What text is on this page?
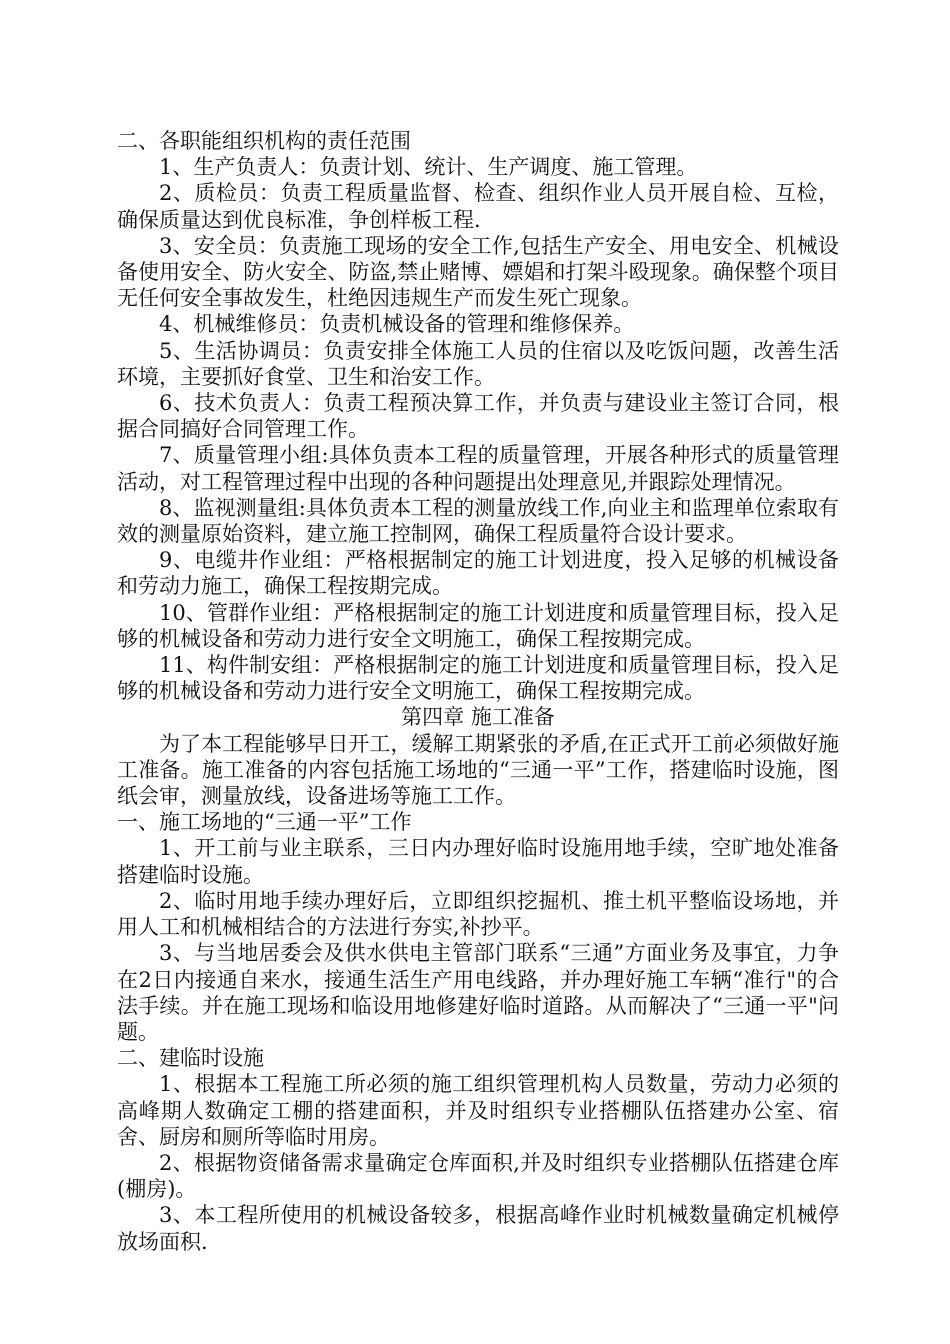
二、各职能组织机构的责任范围

1、生产负责人：负责计划、统计、生产调度、施工管理。

2、质检员：负责工程质量监督、检查、组织作业人员开展自检、互检，确保质量达到优良标准，争创样板工程.

3、安全员：负责施工现场的安全工作,包括生产安全、用电安全、机械设备使用安全、防火安全、防盗,禁止赌博、嫖娼和打架斗殴现象。确保整个项目无任何安全事故发生，杜绝因违规生产而发生死亡现象。

4、机械维修员：负责机械设备的管理和维修保养。

5、生活协调员：负责安排全体施工人员的住宿以及吃饭问题，改善生活环境，主要抓好食堂、卫生和治安工作。

6、技术负责人：负责工程预决算工作，并负责与建设业主签订合同，根据合同搞好合同管理工作。

7、质量管理小组:具体负责本工程的质量管理，开展各种形式的质量管理活动，对工程管理过程中出现的各种问题提出处理意见,并跟踪处理情况。

8、监视测量组:具体负责本工程的测量放线工作,向业主和监理单位索取有效的测量原始资料，建立施工控制网，确保工程质量符合设计要求。

9、电缆井作业组：严格根据制定的施工计划进度，投入足够的机械设备和劳动力施工，确保工程按期完成。

10、管群作业组：严格根据制定的施工计划进度和质量管理目标，投入足够的机械设备和劳动力进行安全文明施工，确保工程按期完成。

11、构件制安组：严格根据制定的施工计划进度和质量管理目标，投入足够的机械设备和劳动力进行安全文明施工，确保工程按期完成。

第四章 施工准备

为了本工程能够早日开工，缓解工期紧张的矛盾,在正式开工前必须做好施工准备。施工准备的内容包括施工场地的“三通一平”工作，搭建临时设施，图纸会审，测量放线，设备进场等施工工作。

一、施工场地的“三通一平”工作

1、开工前与业主联系，三日内办理好临时设施用地手续，空旷地处准备搭建临时设施。

2、临时用地手续办理好后，立即组织挖掘机、推土机平整临设场地，并用人工和机械相结合的方法进行夯实,补抄平。

3、与当地居委会及供水供电主管部门联系“三通”方面业务及事宜，力争在2日内接通自来水，接通生活生产用电线路，并办理好施工车辆“准行"的合法手续。并在施工现场和临设用地修建好临时道路。从而解决了“三通一平"问题。

二、建临时设施

1、根据本工程施工所必须的施工组织管理机构人员数量，劳动力必须的高峰期人数确定工棚的搭建面积，并及时组织专业搭棚队伍搭建办公室、宿舍、厨房和厕所等临时用房。

2、根据物资储备需求量确定仓库面积,并及时组织专业搭棚队伍搭建仓库(棚房)。

3、本工程所使用的机械设备较多，根据高峰作业时机械数量确定机械停放场面积.
